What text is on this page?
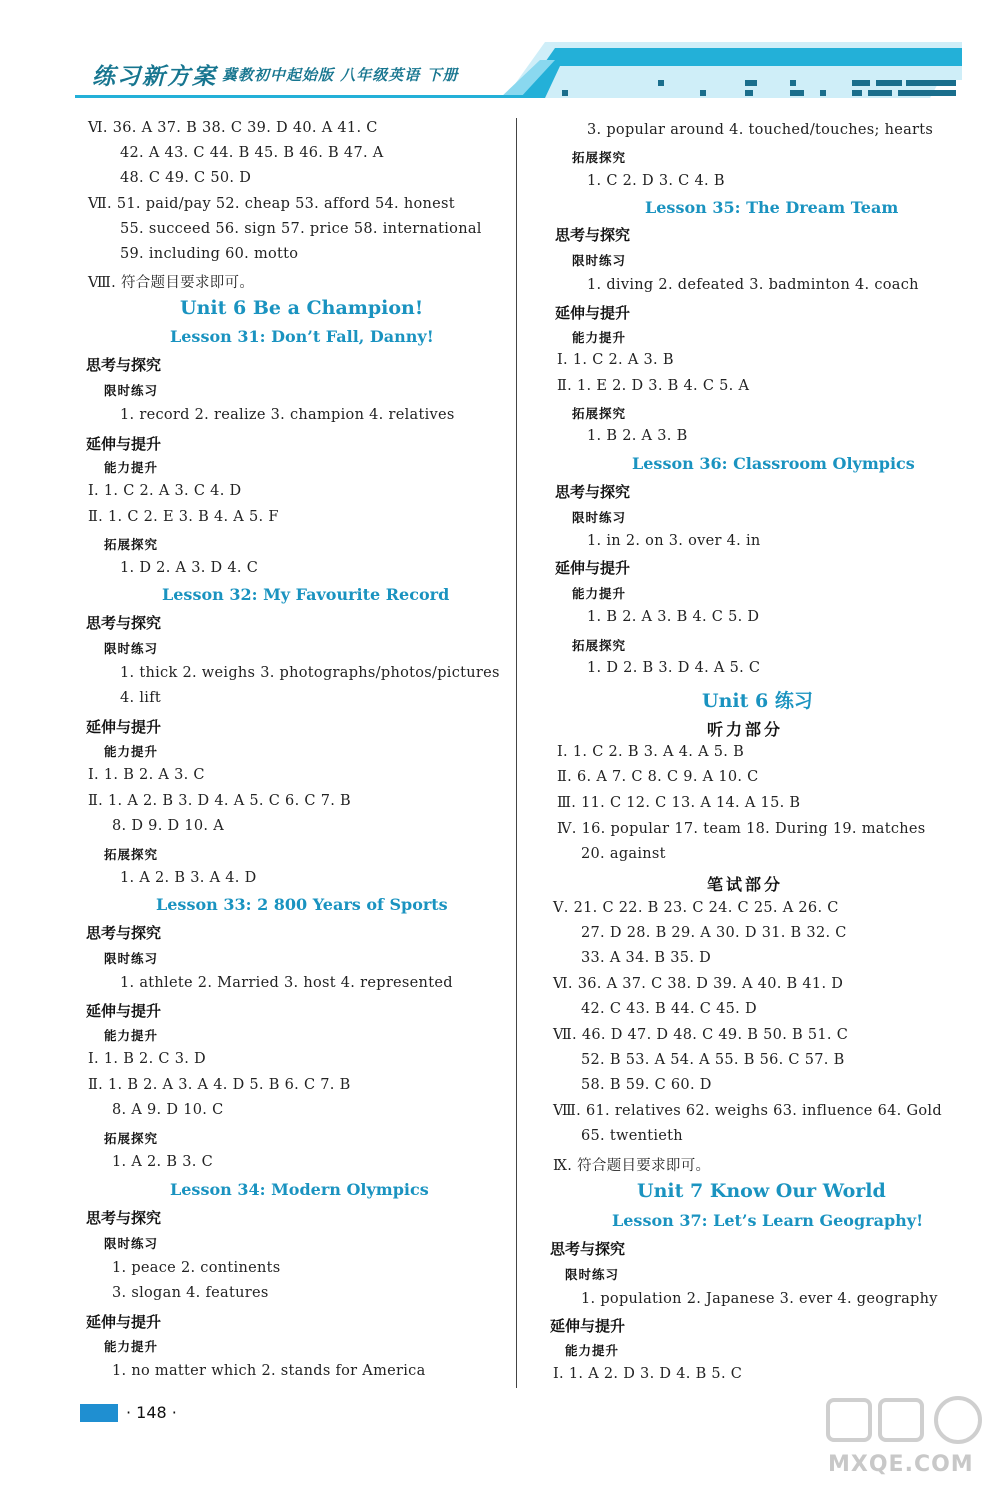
练习新方案 冀教初中起始版 八年级英语 下册
Ⅵ. 36. A 37. B 38. C 39. D 40. A 41. C
42. A 43. C 44. B 45. B 46. B 47. A
48. C 49. C 50. D
Ⅶ. 51. paid/pay 52. cheap 53. afford 54. honest
55. succeed 56. sign 57. price 58. international
59. including 60. motto
Ⅷ. 符合题目要求即可。
Unit 6 Be a Champion!
Lesson 31: Don’t Fall, Danny!
思考与探究
限时练习
1. record 2. realize 3. champion 4. relatives
延伸与提升
能力提升
Ⅰ. 1. C 2. A 3. C 4. D
Ⅱ. 1. C 2. E 3. B 4. A 5. F
拓展探究
1. D 2. A 3. D 4. C
Lesson 32: My Favourite Record
思考与探究
限时练习
1. thick 2. weighs 3. photographs/photos/pictures
4. lift
延伸与提升
能力提升
Ⅰ. 1. B 2. A 3. C
Ⅱ. 1. A 2. B 3. D 4. A 5. C 6. C 7. B
8. D 9. D 10. A
拓展探究
1. A 2. B 3. A 4. D
Lesson 33: 2 800 Years of Sports
思考与探究
限时练习
1. athlete 2. Married 3. host 4. represented
延伸与提升
能力提升
Ⅰ. 1. B 2. C 3. D
Ⅱ. 1. B 2. A 3. A 4. D 5. B 6. C 7. B
8. A 9. D 10. C
拓展探究
1. A 2. B 3. C
Lesson 34: Modern Olympics
思考与探究
限时练习
1. peace 2. continents
3. slogan 4. features
延伸与提升
能力提升
1. no matter which 2. stands for America
3. popular around 4. touched/touches; hearts
拓展探究
1. C 2. D 3. C 4. B
Lesson 35: The Dream Team
思考与探究
限时练习
1. diving 2. defeated 3. badminton 4. coach
延伸与提升
能力提升
Ⅰ. 1. C 2. A 3. B
Ⅱ. 1. E 2. D 3. B 4. C 5. A
拓展探究
1. B 2. A 3. B
Lesson 36: Classroom Olympics
思考与探究
限时练习
1. in 2. on 3. over 4. in
延伸与提升
能力提升
1. B 2. A 3. B 4. C 5. D
拓展探究
1. D 2. B 3. D 4. A 5. C
Unit 6 练习
听力部分
Ⅰ. 1. C 2. B 3. A 4. A 5. B
Ⅱ. 6. A 7. C 8. C 9. A 10. C
Ⅲ. 11. C 12. C 13. A 14. A 15. B
Ⅳ. 16. popular 17. team 18. During 19. matches
20. against
笔试部分
Ⅴ. 21. C 22. B 23. C 24. C 25. A 26. C
27. D 28. B 29. A 30. D 31. B 32. C
33. A 34. B 35. D
Ⅵ. 36. A 37. C 38. D 39. A 40. B 41. D
42. C 43. B 44. C 45. D
Ⅶ. 46. D 47. D 48. C 49. B 50. B 51. C
52. B 53. A 54. A 55. B 56. C 57. B
58. B 59. C 60. D
Ⅷ. 61. relatives 62. weighs 63. influence 64. Gold
65. twentieth
Ⅸ. 符合题目要求即可。
Unit 7 Know Our World
Lesson 37: Let’s Learn Geography!
思考与探究
限时练习
1. population 2. Japanese 3. ever 4. geography
延伸与提升
能力提升
Ⅰ. 1. A 2. D 3. D 4. B 5. C
· 148 ·
MXQE.COM
